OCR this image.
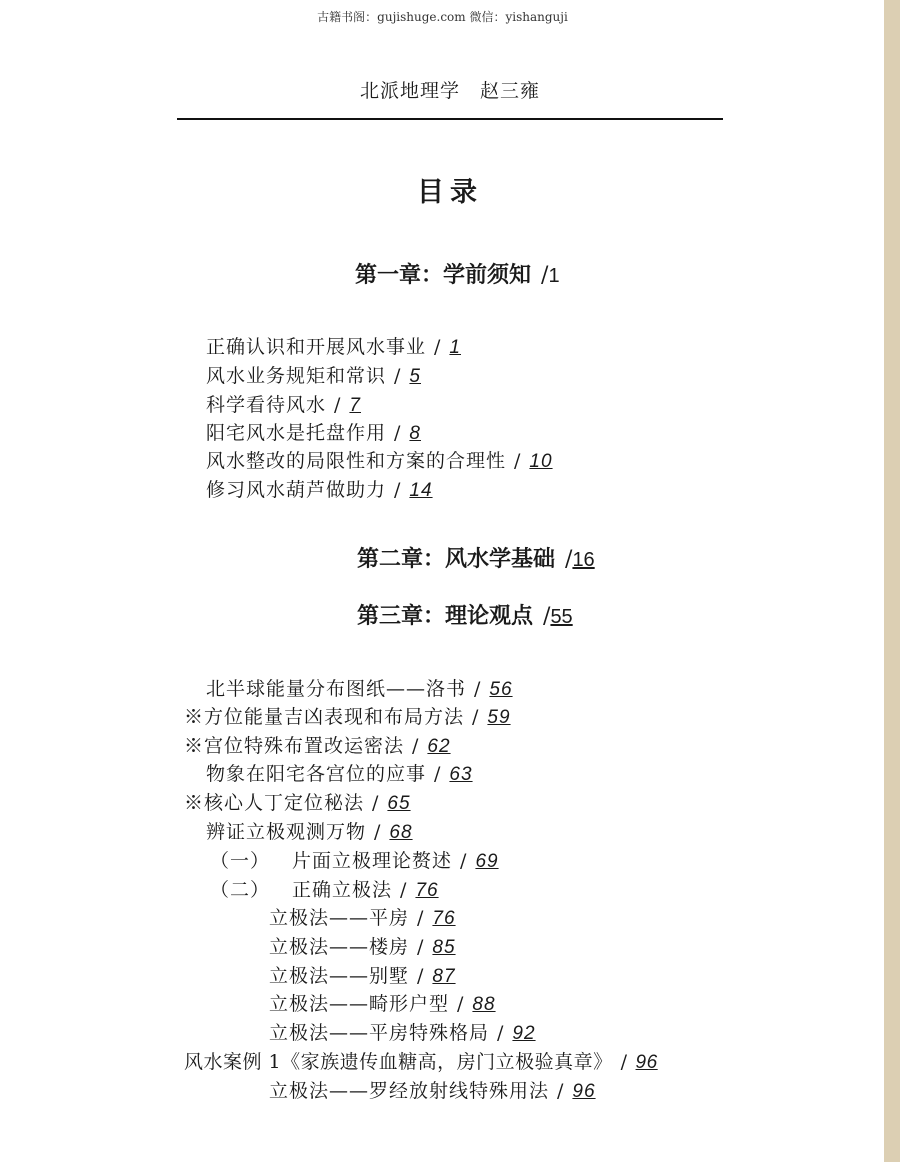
古籍书阁：gujishuge.com 微信：yishanguji
北派地理学　赵三雍
目录
第一章：学前须知 /1
正确认识和开展风水事业 / 1
风水业务规矩和常识 / 5
科学看待风水 / 7
阳宅风水是托盘作用 / 8
风水整改的局限性和方案的合理性 / 10
修习风水葫芦做助力 / 14
第二章：风水学基础 /16
第三章：理论观点 /55
北半球能量分布图纸——洛书 / 56
※方位能量吉凶表现和布局方法 / 59
※宫位特殊布置改运密法 / 62
物象在阳宅各宫位的应事 / 63
※核心人丁定位秘法 / 65
辨证立极观测万物 / 68
（一） 片面立极理论赘述 / 69
（二） 正确立极法 / 76
立极法——平房 / 76
立极法——楼房 / 85
立极法——别墅 / 87
立极法——畸形户型 / 88
立极法——平房特殊格局 / 92
风水案例 1《家族遗传血糖高，房门立极验真章》 / 96
立极法——罗经放射线特殊用法 / 96
